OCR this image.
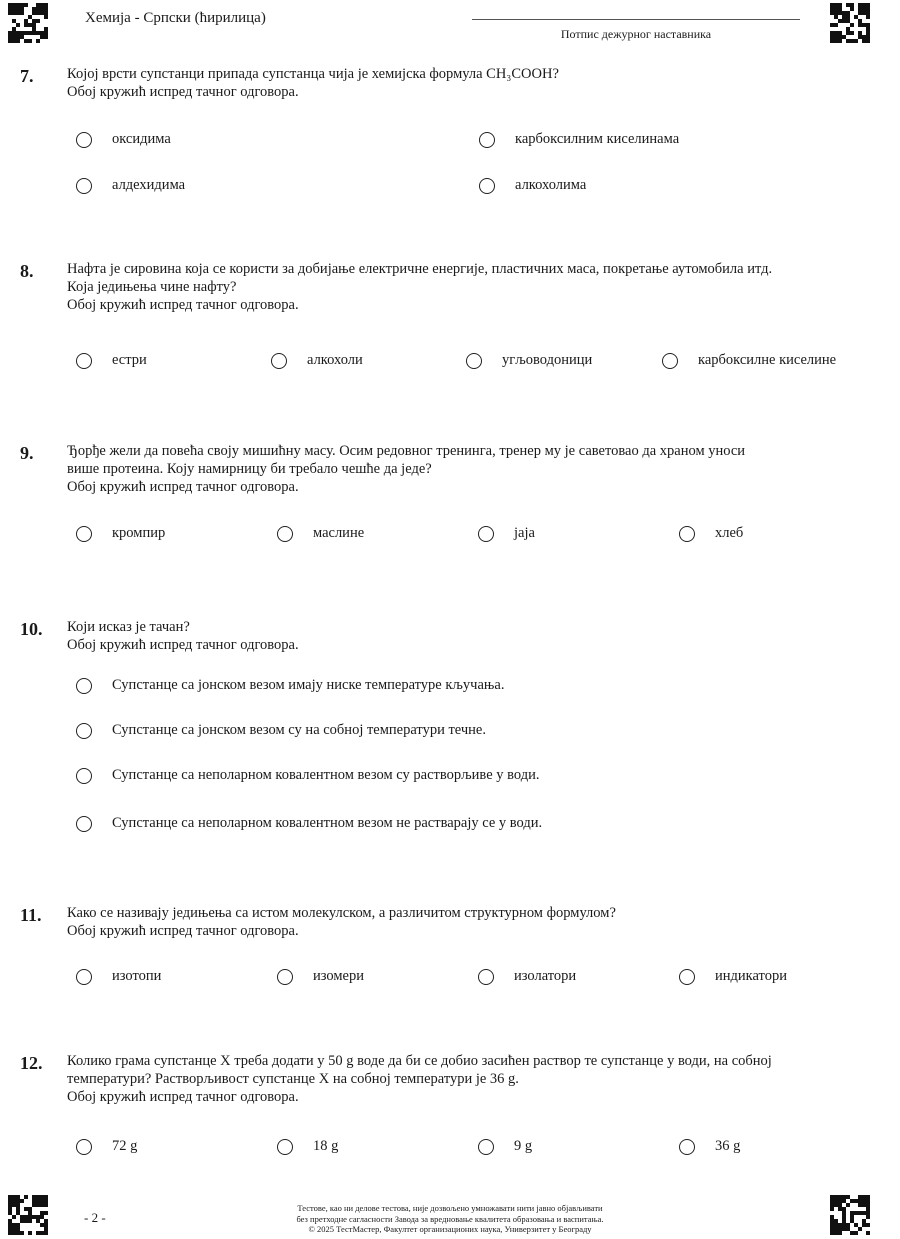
Хемија - Српски (ћирилица)
Потпис дежурног наставника
7. Којој врсти супстанци припада супстанца чија је хемијска формула CH₃COOH?
Обој кружић испред тачног одговора.
оксидима	карбоксилним киселинама
алдехидима	алкохолима
8. Нафта је сировина која се користи за добијање електричне енергије, пластичних маса, покретање аутомобила итд.
Која једињења чине нафту?
Обој кружић испред тачног одговора.
естри	алкохоли	угљоводоници	карбоксилне киселине
9. Ђорђе жели да повећа своју мишићну масу. Осим редовног тренинга, тренер му је саветовао да храном уноси
више протеина. Коју намирницу би требало чешће да једе?
Обој кружић испред тачног одговора.
кромпир	маслине	јаја	хлеб
10. Који исказ је тачан?
Обој кружић испред тачног одговора.
Супстанце са јонском везом имају ниске температуре кључања.
Супстанце са јонском везом су на собној температури течне.
Супстанце са неполарном ковалентном везом су растворљиве у води.
Супстанце са неполарном ковалентном везом не растварају се у води.
11. Како се називају једињења са истом молекулском, а различитом структурном формулом?
Обој кружић испред тачног одговора.
изотопи	изомери	изолатори	индикатори
12. Колико грама супстанце X треба додати у 50 g воде да би се добио засићен раствор те супстанце у води, на собној
температури? Растворљивост супстанце X на собној температури је 36 g.
Обој кружић испред тачног одговора.
72 g	18 g	9 g	36 g
- 2 -
Тестове, као ни делове тестова, није дозвољено умножавати нити јавно објављивати
без претходне сагласности Завода за вредновање квалитета образовања и васпитања.
© 2025 ТестМастер, Факултет организационих наука, Универзитет у Београду
